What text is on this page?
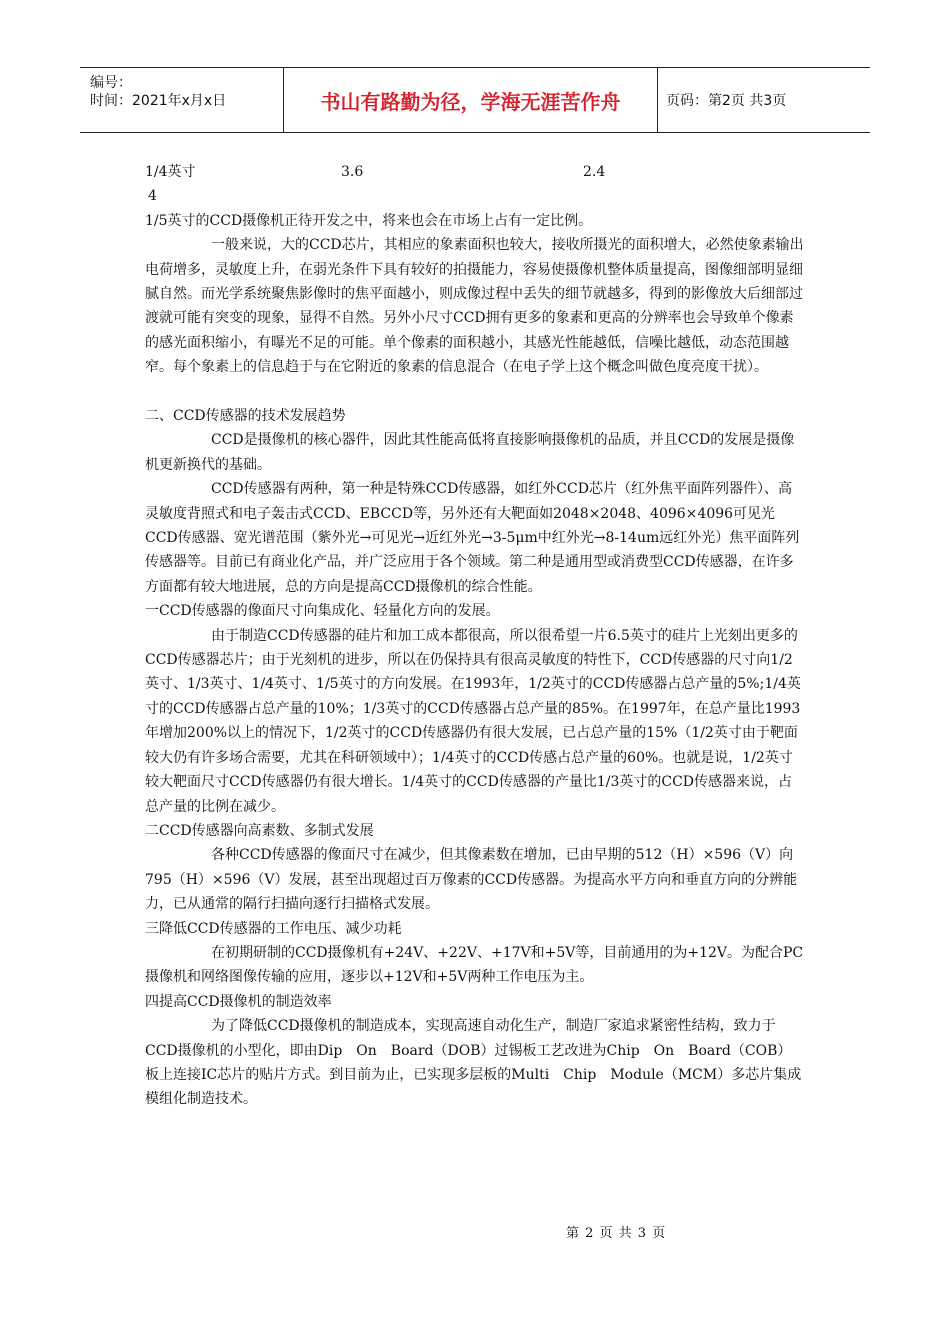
编号：
时间：2021年x月x日	书山有路勤为径，学海无涯苦作舟	页码：第2页 共3页
1/4英寸	3.6	2.4
4

1/5英寸的CCD摄像机正待开发之中，将来也会在市场上占有一定比例。

一般来说，大的CCD芯片，其相应的象素面积也较大，接收所摄光的面积增大，必然使象素输出电荷增多，灵敏度上升，在弱光条件下具有较好的拍摄能力，容易使摄像机整体质量提高，图像细部明显细腻自然。而光学系统聚焦影像时的焦平面越小，则成像过程中丢失的细节就越多，得到的影像放大后细部过渡就可能有突变的现象，显得不自然。另外小尺寸CCD拥有更多的象素和更高的分辨率也会导致单个像素的感光面积缩小，有曝光不足的可能。单个像素的面积越小，其感光性能越低，信噪比越低，动态范围越窄。每个象素上的信息趋于与在它附近的象素的信息混合（在电子学上这个概念叫做色度亮度干扰）。

二、CCD传感器的技术发展趋势

CCD是摄像机的核心器件，因此其性能高低将直接影响摄像机的品质，并且CCD的发展是摄像机更新换代的基础。

CCD传感器有两种，第一种是特殊CCD传感器，如红外CCD芯片（红外焦平面阵列器件）、高灵敏度背照式和电子轰击式CCD、EBCCD等，另外还有大靶面如2048×2048、4096×4096可见光CCD传感器、宽光谱范围（紫外光→可见光→近红外光→3-5μm中红外光→8-14um远红外光）焦平面阵列传感器等。目前已有商业化产品，并广泛应用于各个领域。第二种是通用型或消费型CCD传感器，在许多方面都有较大地进展，总的方向是提高CCD摄像机的综合性能。

一CCD传感器的像面尺寸向集成化、轻量化方向的发展。

由于制造CCD传感器的硅片和加工成本都很高，所以很希望一片6.5英寸的硅片上光刻出更多的CCD传感器芯片；由于光刻机的进步，所以在仍保持具有很高灵敏度的特性下，CCD传感器的尺寸向1/2英寸、1/3英寸、1/4英寸、1/5英寸的方向发展。在1993年，1/2英寸的CCD传感器占总产量的5%;1/4英寸的CCD传感器占总产量的10%；1/3英寸的CCD传感器占总产量的85%。在1997年，在总产量比1993年增加200%以上的情况下，1/2英寸的CCD传感器仍有很大发展，已占总产量的15%（1/2英寸由于靶面较大仍有许多场合需要，尤其在科研领域中）；1/4英寸的CCD传感占总产量的60%。也就是说，1/2英寸较大靶面尺寸CCD传感器仍有很大增长。1/4英寸的CCD传感器的产量比1/3英寸的CCD传感器来说，占总产量的比例在减少。

二CCD传感器向高素数、多制式发展

各种CCD传感器的像面尺寸在减少，但其像素数在增加，已由早期的512（H）×596（V）向795（H）×596（V）发展，甚至出现超过百万像素的CCD传感器。为提高水平方向和垂直方向的分辨能力，已从通常的隔行扫描向逐行扫描格式发展。

三降低CCD传感器的工作电压、减少功耗

在初期研制的CCD摄像机有+24V、+22V、+17V和+5V等，目前通用的为+12V。为配合PC摄像机和网络图像传输的应用，逐步以+12V和+5V两种工作电压为主。

四提高CCD摄像机的制造效率

为了降低CCD摄像机的制造成本，实现高速自动化生产，制造厂家追求紧密性结构，致力于CCD摄像机的小型化，即由Dip　On　Board（DOB）过锡板工艺改进为Chip　On　Board（COB）板上连接IC芯片的贴片方式。到目前为止，已实现多层板的Multi　Chip　Module（MCM）多芯片集成模组化制造技术。

第 2 页 共 3 页
